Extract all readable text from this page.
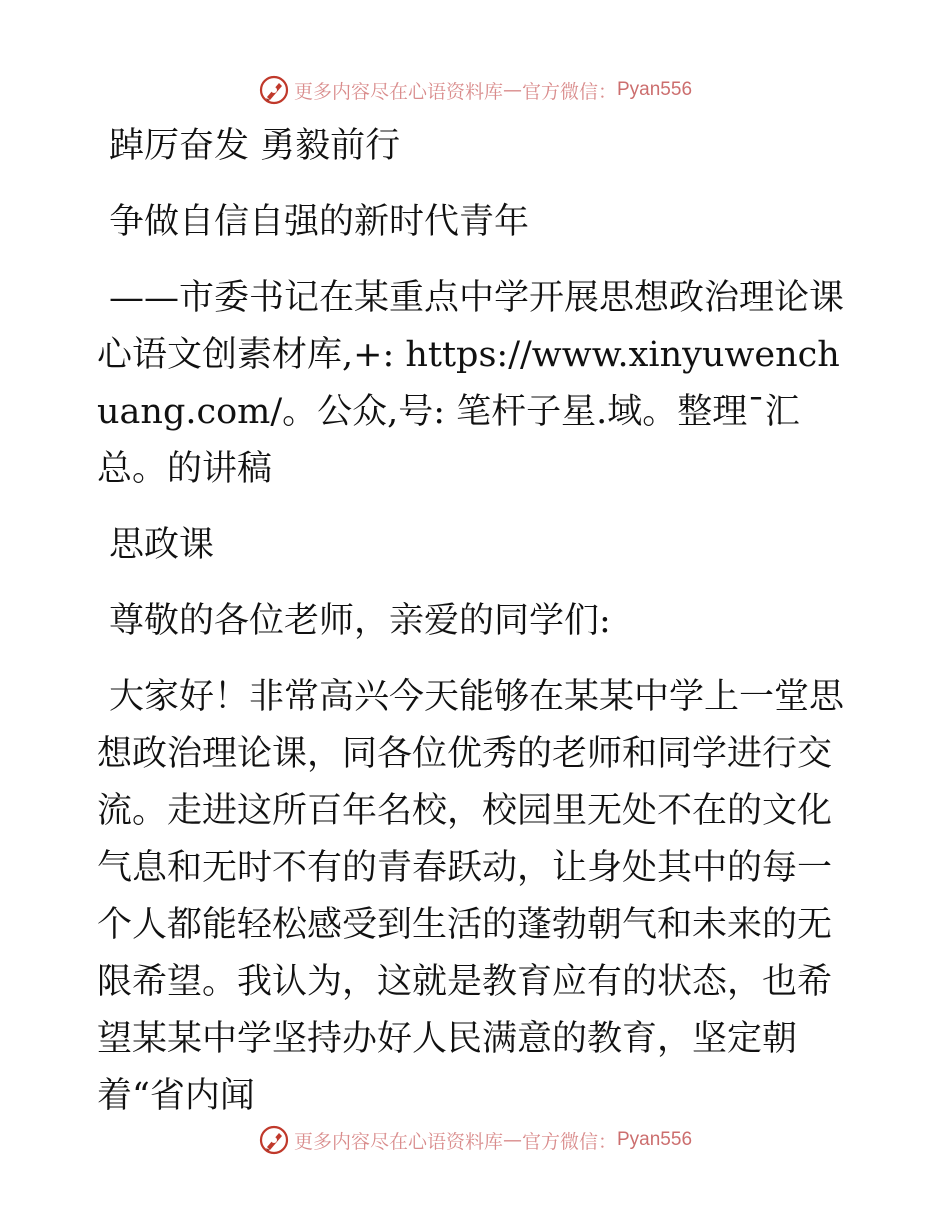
更多内容尽在心语资料库 — 官方微信： Pyan556

踔厉奋发 勇毅前行

争做自信自强的新时代青年

——市委书记在某重点中学开展思想政治理论课心语文创素材库,+: https://www.xinyuwenchuang.com/。公众,号: 笔杆子星.域。整理¯汇总。的讲稿

思政课

尊敬的各位老师，亲爱的同学们:

大家好！非常高兴今天能够在某某中学上一堂思想政治理论课，同各位优秀的老师和同学进行交流。走进这所百年名校，校园里无处不在的文化气息和无时不有的青春跃动，让身处其中的每一个人都能轻松感受到生活的蓬勃朝气和未来的无限希望。我认为，这就是教育应有的状态，也希望某某中学坚持办好人民满意的教育，坚定朝着“省内闻

更多内容尽在心语资料库 — 官方微信： Pyan556
